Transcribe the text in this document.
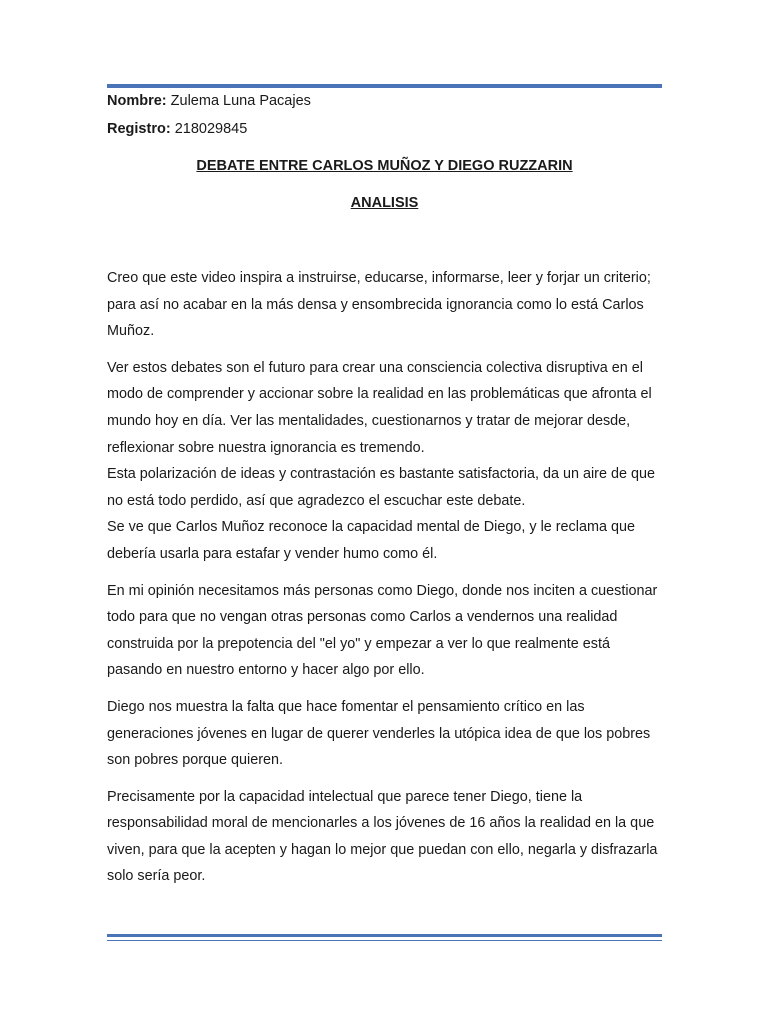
Nombre: Zulema Luna Pacajes
Registro: 218029845
DEBATE ENTRE CARLOS MUÑOZ Y DIEGO RUZZARIN
ANALISIS

Creo que este video inspira a instruirse, educarse, informarse, leer y forjar un criterio; para así no acabar en la más densa y ensombrecida ignorancia como lo está Carlos Muñoz.

Ver estos debates son el futuro para crear una consciencia colectiva disruptiva en el modo de comprender y accionar sobre la realidad en las problemáticas que afronta el mundo hoy en día. Ver las mentalidades, cuestionarnos y tratar de mejorar desde, reflexionar sobre nuestra ignorancia es tremendo.

Esta polarización de ideas y contrastación es bastante satisfactoria, da un aire de que no está todo perdido, así que agradezco el escuchar este debate.

Se ve que Carlos Muñoz reconoce la capacidad mental de Diego, y le reclama que debería usarla para estafar y vender humo como él.

En mi opinión necesitamos más personas como Diego, donde nos inciten a cuestionar todo para que no vengan otras personas como Carlos a vendernos una realidad construida por la prepotencia del "el yo" y empezar a ver lo que realmente está pasando en nuestro entorno y hacer algo por ello.

Diego nos muestra la falta que hace fomentar el pensamiento crítico en las generaciones jóvenes en lugar de querer venderles la utópica idea de que los pobres son pobres porque quieren.

Precisamente por la capacidad intelectual que parece tener Diego, tiene la responsabilidad moral de mencionarles a los jóvenes de 16 años la realidad en la que viven, para que la acepten y hagan lo mejor que puedan con ello, negarla y disfrazarla solo sería peor.
